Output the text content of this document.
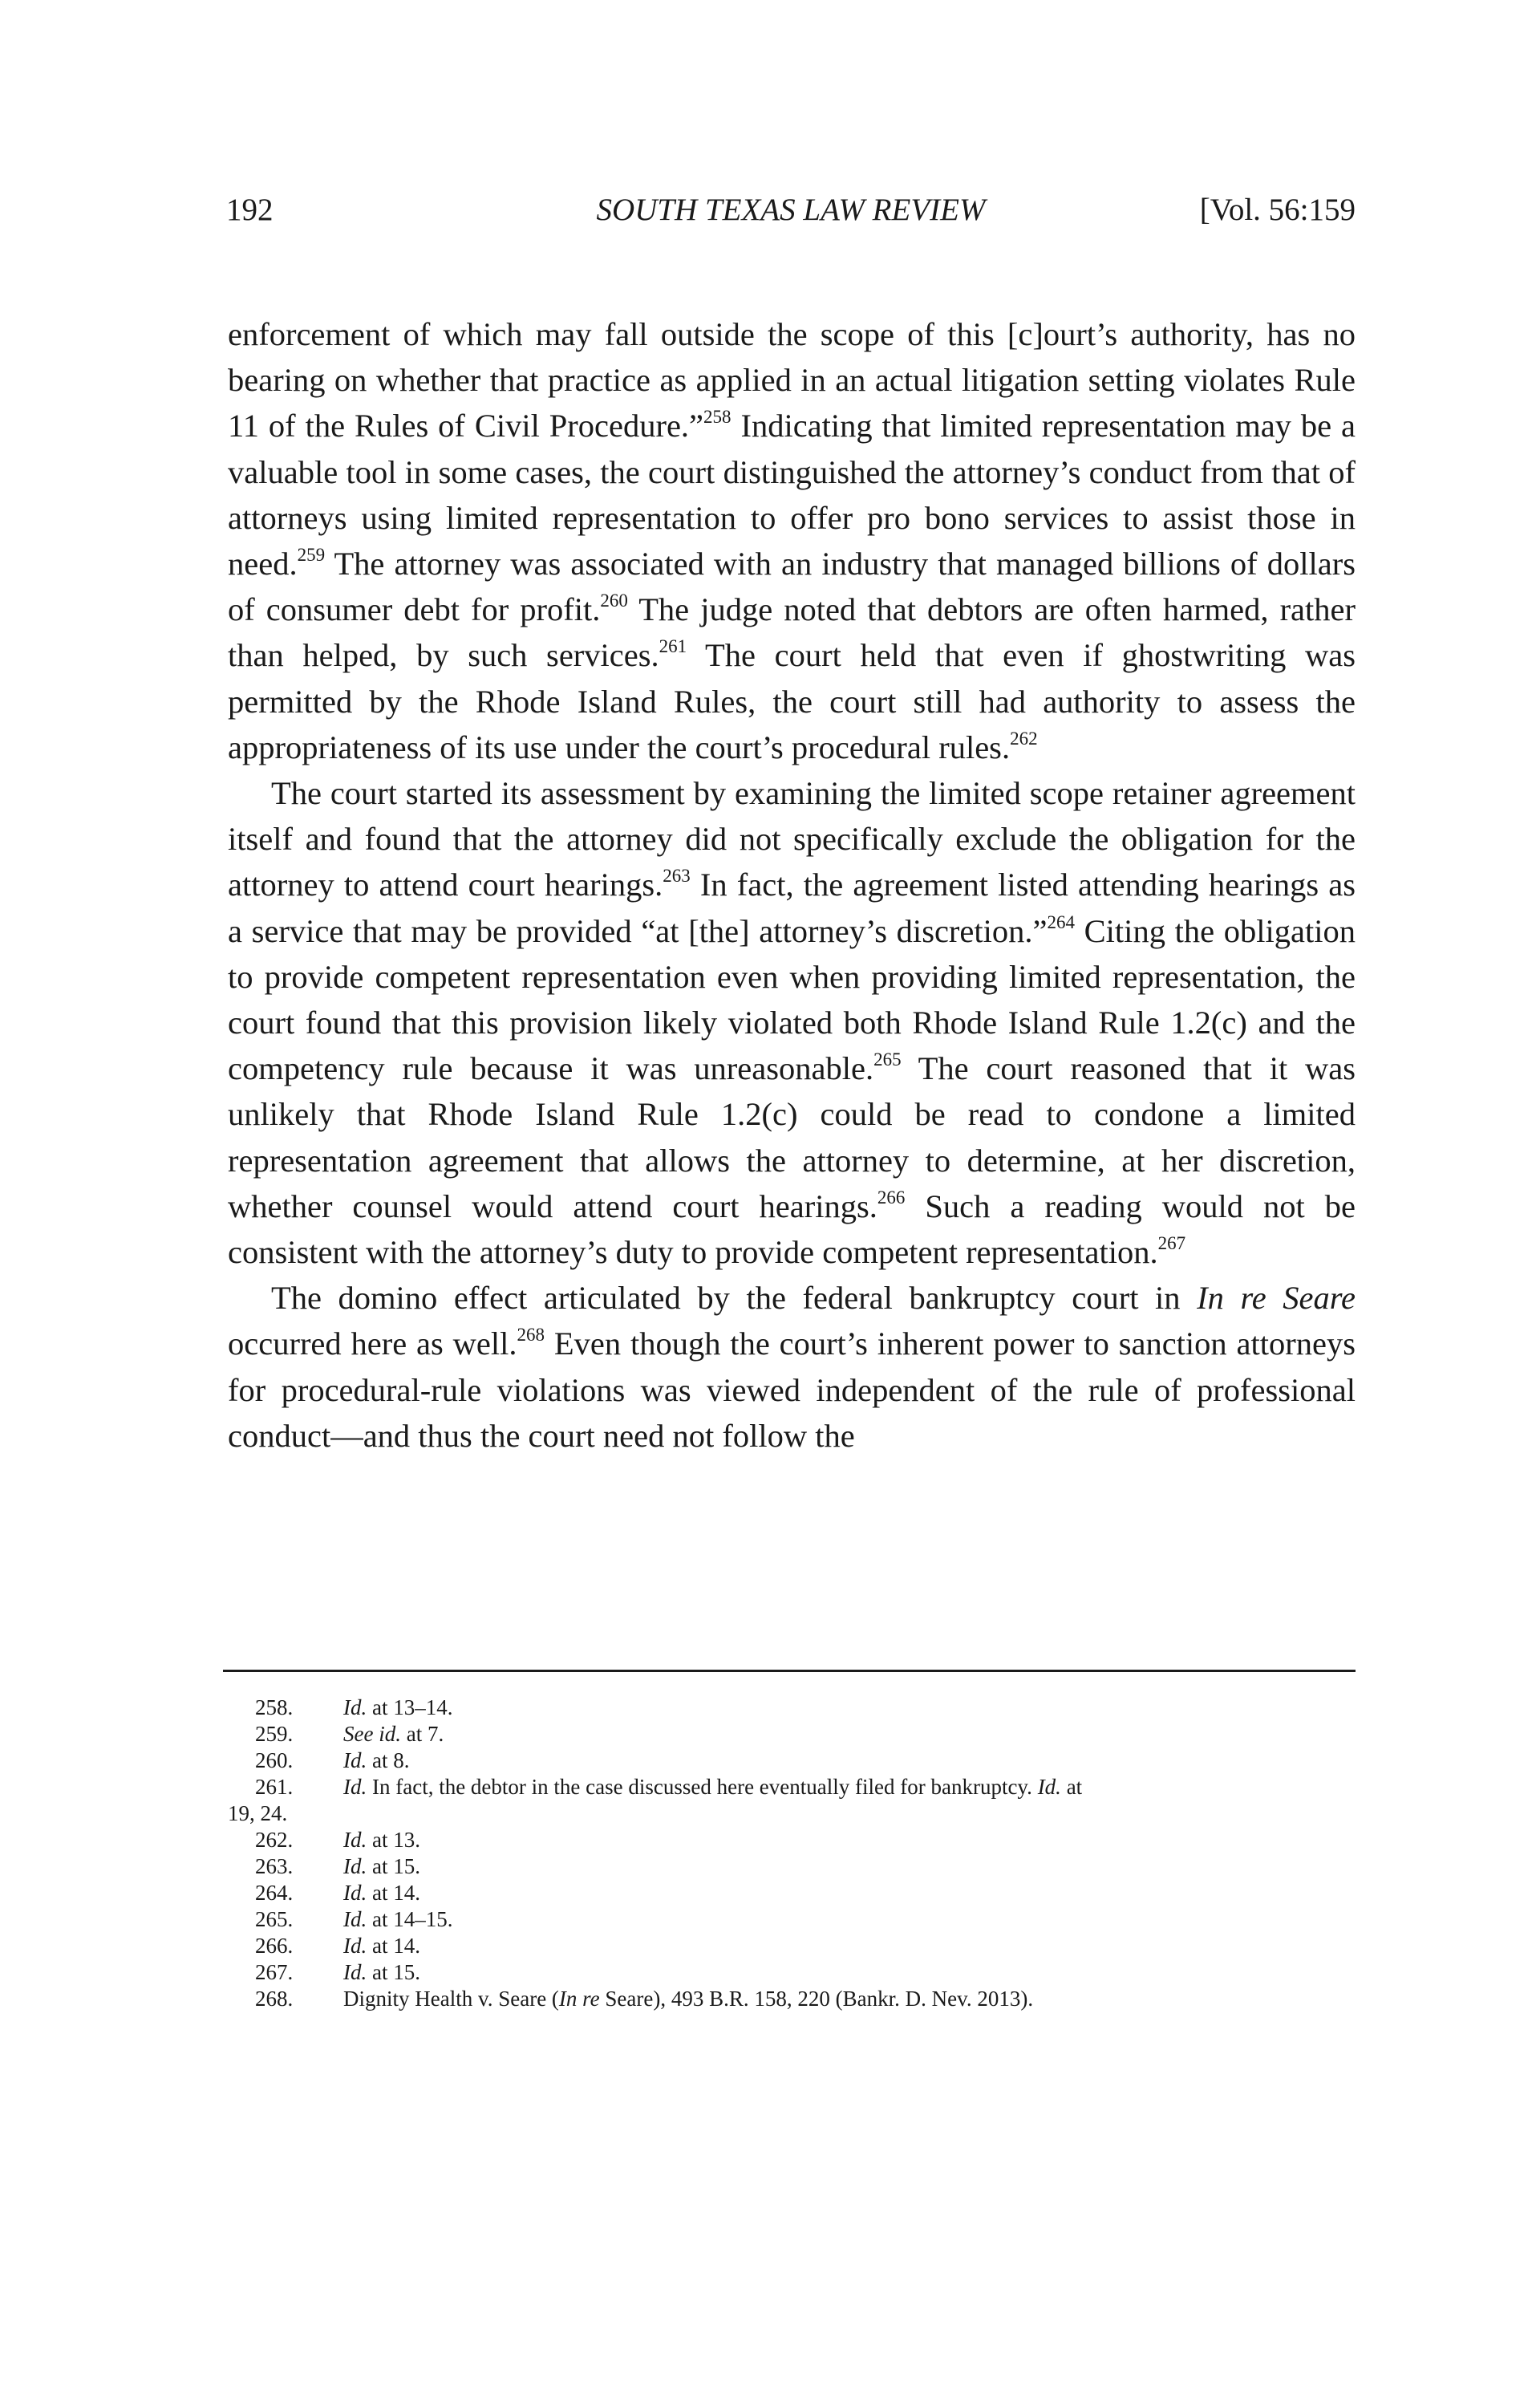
192	SOUTH TEXAS LAW REVIEW	[Vol. 56:159

enforcement of which may fall outside the scope of this [c]ourt’s authority, has no bearing on whether that practice as applied in an actual litigation setting violates Rule 11 of the Rules of Civil Procedure.”$^{258}$ Indicating that limited representation may be a valuable tool in some cases, the court distinguished the attorney’s conduct from that of attorneys using limited representation to offer pro bono services to assist those in need.$^{259}$ The attorney was associated with an industry that managed billions of dollars of consumer debt for profit.$^{260}$ The judge noted that debtors are often harmed, rather than helped, by such services.$^{261}$ The court held that even if ghostwriting was permitted by the Rhode Island Rules, the court still had authority to assess the appropriateness of its use under the court’s procedural rules.$^{262}$

The court started its assessment by examining the limited scope retainer agreement itself and found that the attorney did not specifically exclude the obligation for the attorney to attend court hearings.$^{263}$ In fact, the agreement listed attending hearings as a service that may be provided “at [the] attorney’s discretion.”$^{264}$ Citing the obligation to provide competent representation even when providing limited representation, the court found that this provision likely violated both Rhode Island Rule 1.2(c) and the competency rule because it was unreasonable.$^{265}$ The court reasoned that it was unlikely that Rhode Island Rule 1.2(c) could be read to condone a limited representation agreement that allows the attorney to determine, at her discretion, whether counsel would attend court hearings.$^{266}$ Such a reading would not be consistent with the attorney’s duty to provide competent representation.$^{267}$

The domino effect articulated by the federal bankruptcy court in In re Seare occurred here as well.$^{268}$ Even though the court’s inherent power to sanction attorneys for procedural-rule violations was viewed independent of the rule of professional conduct—and thus the court need not follow the

258. Id. at 13–14.
259. See id. at 7.
260. Id. at 8.
261. Id. In fact, the debtor in the case discussed here eventually filed for bankruptcy. Id. at
19, 24.
262. Id. at 13.
263. Id. at 15.
264. Id. at 14.
265. Id. at 14–15.
266. Id. at 14.
267. Id. at 15.
268. Dignity Health v. Seare (In re Seare), 493 B.R. 158, 220 (Bankr. D. Nev. 2013).
